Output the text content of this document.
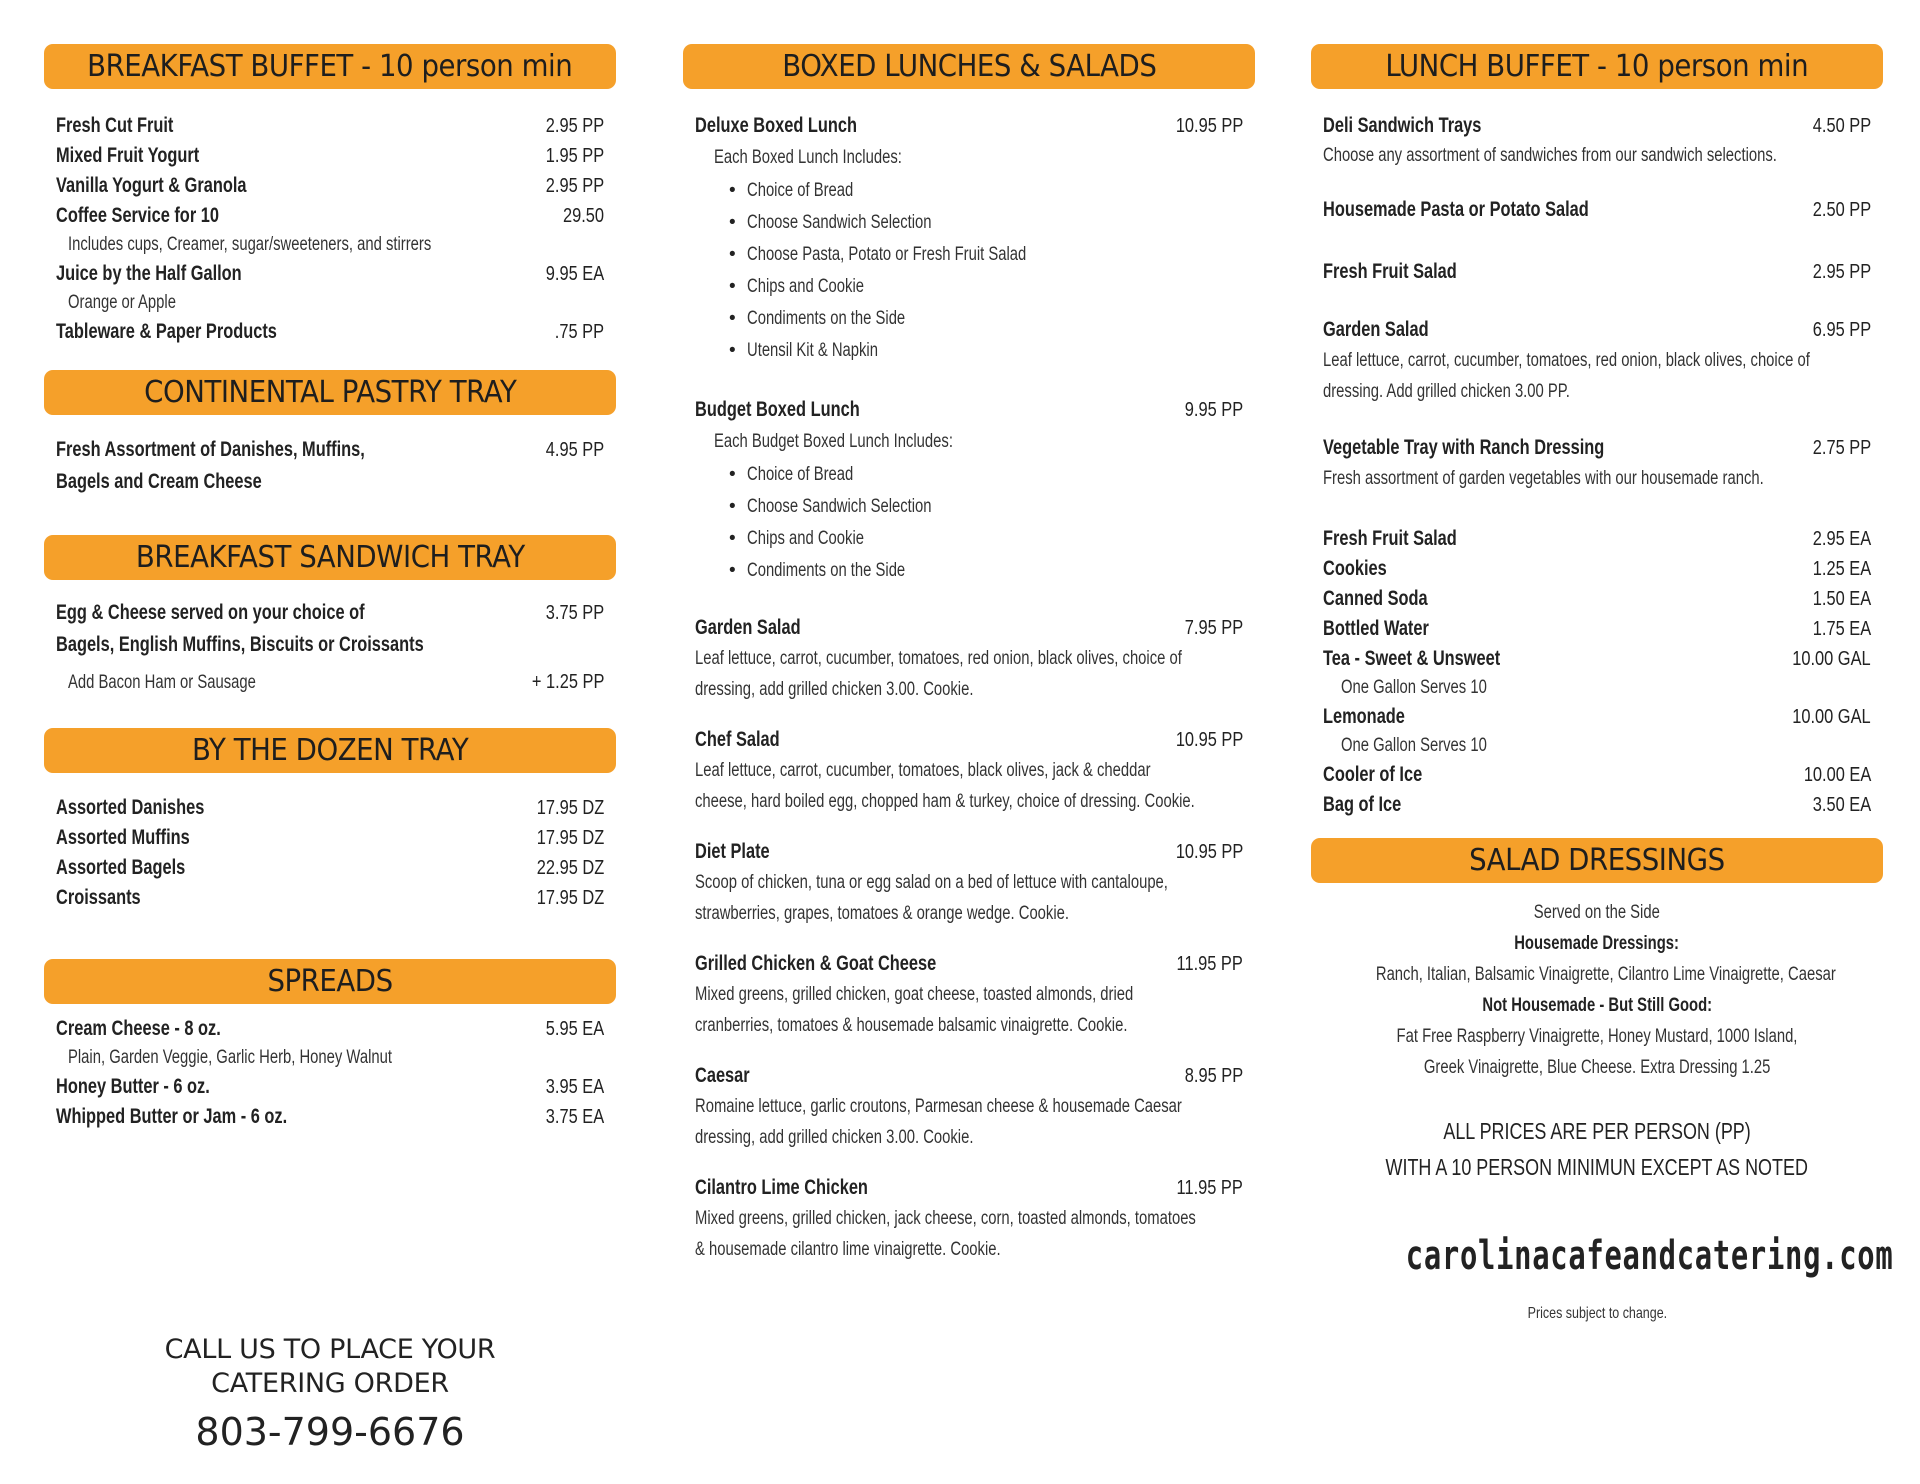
BREAKFAST BUFFET - 10 person min
Fresh Cut Fruit	2.95 PP
Mixed Fruit Yogurt	1.95 PP
Vanilla Yogurt & Granola	2.95 PP
Coffee Service for 10	29.50
Includes cups, Creamer, sugar/sweeteners, and stirrers
Juice by the Half Gallon	9.95 EA
Orange or Apple
Tableware & Paper Products	.75 PP
CONTINENTAL PASTRY TRAY
Fresh Assortment of Danishes, Muffins,	4.95 PP
Bagels and Cream Cheese
BREAKFAST SANDWICH TRAY
Egg & Cheese served on your choice of	3.75 PP
Bagels, English Muffins, Biscuits or Croissants
Add Bacon Ham or Sausage	+ 1.25 PP
BY THE DOZEN TRAY
Assorted Danishes	17.95 DZ
Assorted Muffins	17.95 DZ
Assorted Bagels	22.95 DZ
Croissants	17.95 DZ
SPREADS
Cream Cheese - 8 oz.	5.95 EA
Plain, Garden Veggie, Garlic Herb, Honey Walnut
Honey Butter - 6 oz.	3.95 EA
Whipped Butter or Jam - 6 oz.	3.75 EA
CALL US TO PLACE YOUR
CATERING ORDER
803-799-6676
BOXED LUNCHES & SALADS
Deluxe Boxed Lunch	10.95 PP
Each Boxed Lunch Includes:
• Choice of Bread
• Choose Sandwich Selection
• Choose Pasta, Potato or Fresh Fruit Salad
• Chips and Cookie
• Condiments on the Side
• Utensil Kit & Napkin
Budget Boxed Lunch	9.95 PP
Each Budget Boxed Lunch Includes:
• Choice of Bread
• Choose Sandwich Selection
• Chips and Cookie
• Condiments on the Side
Garden Salad	7.95 PP
Leaf lettuce, carrot, cucumber, tomatoes, red onion, black olives, choice of
dressing, add grilled chicken 3.00. Cookie.
Chef Salad	10.95 PP
Leaf lettuce, carrot, cucumber, tomatoes, black olives, jack & cheddar
cheese, hard boiled egg, chopped ham & turkey, choice of dressing. Cookie.
Diet Plate	10.95 PP
Scoop of chicken, tuna or egg salad on a bed of lettuce with cantaloupe,
strawberries, grapes, tomatoes & orange wedge. Cookie.
Grilled Chicken & Goat Cheese	11.95 PP
Mixed greens, grilled chicken, goat cheese, toasted almonds, dried
cranberries, tomatoes & housemade balsamic vinaigrette. Cookie.
Caesar	8.95 PP
Romaine lettuce, garlic croutons, Parmesan cheese & housemade Caesar
dressing, add grilled chicken 3.00. Cookie.
Cilantro Lime Chicken	11.95 PP
Mixed greens, grilled chicken, jack cheese, corn, toasted almonds, tomatoes
& housemade cilantro lime vinaigrette. Cookie.
LUNCH BUFFET - 10 person min
Deli Sandwich Trays	4.50 PP
Choose any assortment of sandwiches from our sandwich selections.
Housemade Pasta or Potato Salad	2.50 PP
Fresh Fruit Salad	2.95 PP
Garden Salad	6.95 PP
Leaf lettuce, carrot, cucumber, tomatoes, red onion, black olives, choice of
dressing. Add grilled chicken 3.00 PP.
Vegetable Tray with Ranch Dressing	2.75 PP
Fresh assortment of garden vegetables with our housemade ranch.
Fresh Fruit Salad	2.95 EA
Cookies	1.25 EA
Canned Soda	1.50 EA
Bottled Water	1.75 EA
Tea - Sweet & Unsweet	10.00 GAL
One Gallon Serves 10
Lemonade	10.00 GAL
One Gallon Serves 10
Cooler of Ice	10.00 EA
Bag of Ice	3.50 EA
SALAD DRESSINGS
Served on the Side
Housemade Dressings:
Ranch, Italian, Balsamic Vinaigrette, Cilantro Lime Vinaigrette, Caesar
Not Housemade - But Still Good:
Fat Free Raspberry Vinaigrette, Honey Mustard, 1000 Island,
Greek Vinaigrette, Blue Cheese. Extra Dressing 1.25
ALL PRICES ARE PER PERSON (PP)
WITH A 10 PERSON MINIMUN EXCEPT AS NOTED
carolinacafeandcatering.com
Prices subject to change.
